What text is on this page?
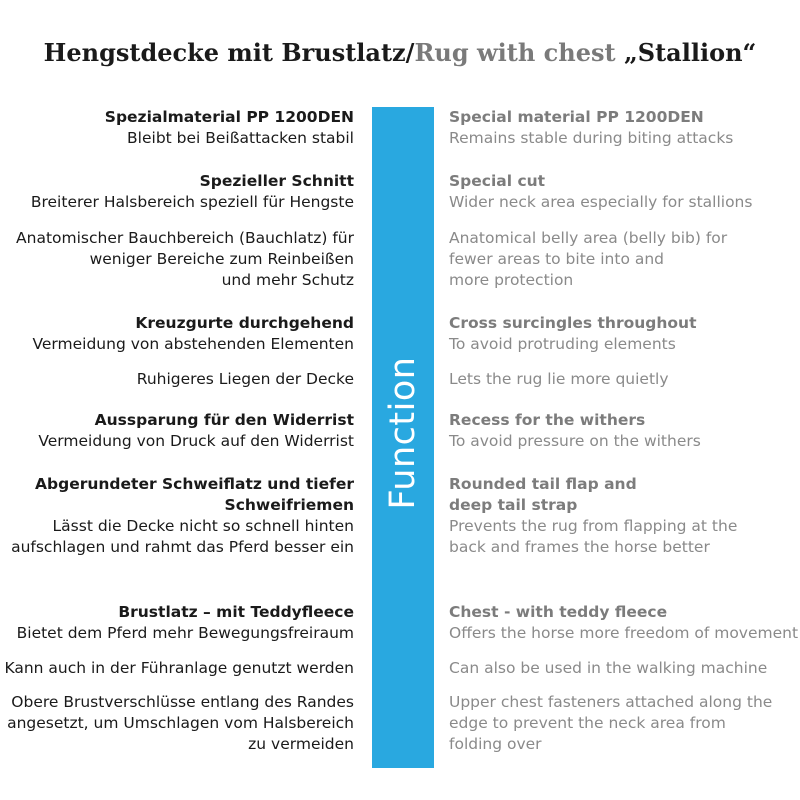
Hengstdecke mit Brustlatz/Rug with chest „Stallion“
Function
Spezialmaterial PP 1200DEN
Bleibt bei Beißattacken stabil
Spezieller Schnitt
Breiterer Halsbereich speziell für Hengste
Anatomischer Bauchbereich (Bauchlatz) für
weniger Bereiche zum Reinbeißen
und mehr Schutz
Kreuzgurte durchgehend
Vermeidung von abstehenden Elementen
Ruhigeres Liegen der Decke
Aussparung für den Widerrist
Vermeidung von Druck auf den Widerrist
Abgerundeter Schweiflatz und tiefer
Schweifriemen
Lässt die Decke nicht so schnell hinten
aufschlagen und rahmt das Pferd besser ein
Brustlatz – mit Teddyfleece
Bietet dem Pferd mehr Bewegungsfreiraum
Kann auch in der Führanlage genutzt werden
Obere Brustverschlüsse entlang des Randes
angesetzt, um Umschlagen vom Halsbereich
zu vermeiden
Special material PP 1200DEN
Remains stable during biting attacks
Special cut
Wider neck area especially for stallions
Anatomical belly area (belly bib) for
fewer areas to bite into and
more protection
Cross surcingles throughout
To avoid protruding elements
Lets the rug lie more quietly
Recess for the withers
To avoid pressure on the withers
Rounded tail flap and
deep tail strap
Prevents the rug from flapping at the
back and frames the horse better
Chest - with teddy fleece
Offers the horse more freedom of movement
Can also be used in the walking machine
Upper chest fasteners attached along the
edge to prevent the neck area from
folding over
